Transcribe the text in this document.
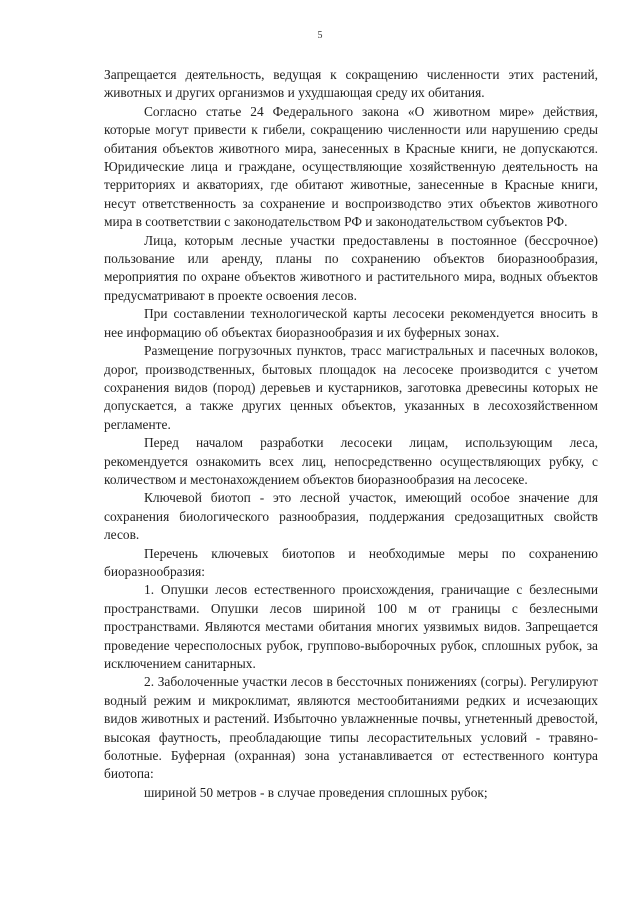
5

Запрещается деятельность, ведущая к сокращению численности этих растений, животных и других организмов и ухудшающая среду их обитания.

Согласно статье 24 Федерального закона «О животном мире» действия, которые могут привести к гибели, сокращению численности или нарушению среды обитания объектов животного мира, занесенных в Красные книги, не допускаются. Юридические лица и граждане, осуществляющие хозяйственную деятельность на территориях и акваториях, где обитают животные, занесенные в Красные книги, несут ответственность за сохранение и воспроизводство этих объектов животного мира в соответствии с законодательством РФ и законодательством субъектов РФ.

Лица, которым лесные участки предоставлены в постоянное (бессрочное) пользование или аренду, планы по сохранению объектов биоразнообразия, мероприятия по охране объектов животного и растительного мира, водных объектов предусматривают в проекте освоения лесов.

При составлении технологической карты лесосеки рекомендуется вносить в нее информацию об объектах биоразнообразия и их буферных зонах.

Размещение погрузочных пунктов, трасс магистральных и пасечных волоков, дорог, производственных, бытовых площадок на лесосеке производится с учетом сохранения видов (пород) деревьев и кустарников, заготовка древесины которых не допускается, а также других ценных объектов, указанных в лесохозяйственном регламенте.

Перед началом разработки лесосеки лицам, использующим леса, рекомендуется ознакомить всех лиц, непосредственно осуществляющих рубку, с количеством и местонахождением объектов биоразнообразия на лесосеке.

Ключевой биотоп - это лесной участок, имеющий особое значение для сохранения биологического разнообразия, поддержания средозащитных свойств лесов.

Перечень ключевых биотопов и необходимые меры по сохранению биоразнообразия:

1. Опушки лесов естественного происхождения, граничащие с безлесными пространствами. Опушки лесов шириной 100 м от границы с безлесными пространствами. Являются местами обитания многих уязвимых видов. Запрещается проведение чересполосных рубок, группово-выборочных рубок, сплошных рубок, за исключением санитарных.

2. Заболоченные участки лесов в бессточных понижениях (согры). Регулируют водный режим и микроклимат, являются местообитаниями редких и исчезающих видов животных и растений. Избыточно увлажненные почвы, угнетенный древостой, высокая фаутность, преобладающие типы лесорастительных условий - травяно-болотные. Буферная (охранная) зона устанавливается от естественного контура биотопа:

шириной 50 метров - в случае проведения сплошных рубок;
